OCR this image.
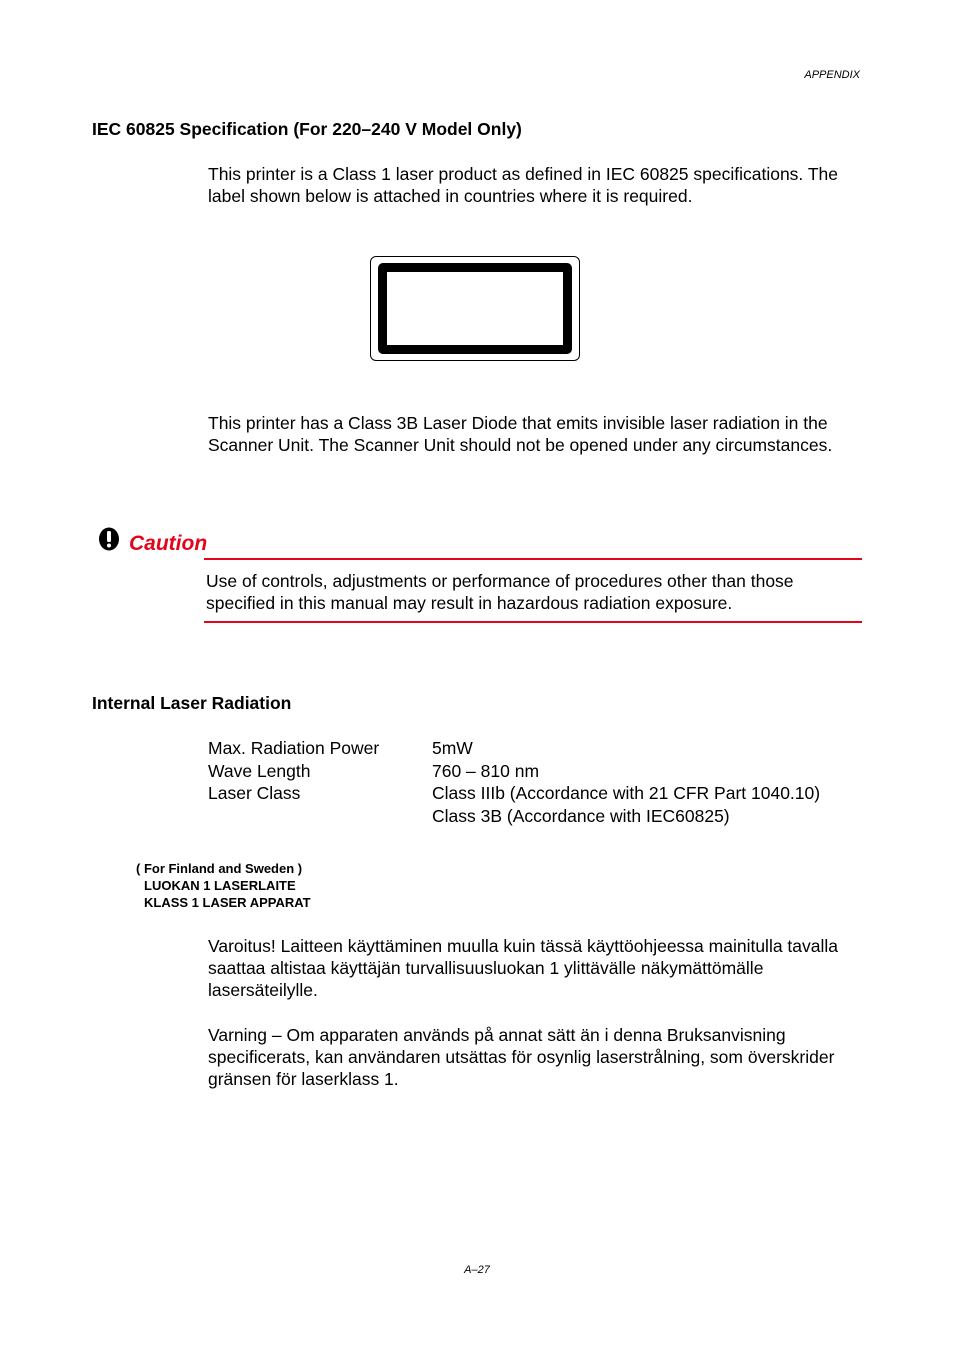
APPENDIX
IEC 60825 Specification (For 220–240 V Model Only)
This printer is a Class 1 laser product as defined in IEC 60825 specifications. The label shown below is attached in countries where it is required.
This printer has a Class 3B Laser Diode that emits invisible laser radiation in the Scanner Unit. The Scanner Unit should not be opened under any circumstances.
Caution
Use of controls, adjustments or performance of procedures other than those specified in this manual may result in hazardous radiation exposure.
Internal Laser Radiation
Max. Radiation Power
Wave Length
Laser Class
5mW
760 – 810 nm
Class IIIb (Accordance with 21 CFR Part 1040.10)
Class 3B (Accordance with IEC60825)
( For Finland and Sweden )
LUOKAN 1 LASERLAITE
KLASS 1 LASER APPARAT
Varoitus! Laitteen käyttäminen muulla kuin tässä käyttöohjeessa mainitulla tavalla saattaa altistaa käyttäjän turvallisuusluokan 1 ylittävälle näkymättömälle lasersäteilylle.
Varning – Om apparaten används på annat sätt än i denna Bruksanvisning specificerats, kan användaren utsättas för osynlig laserstrålning, som överskrider gränsen för laserklass 1.
A–27
